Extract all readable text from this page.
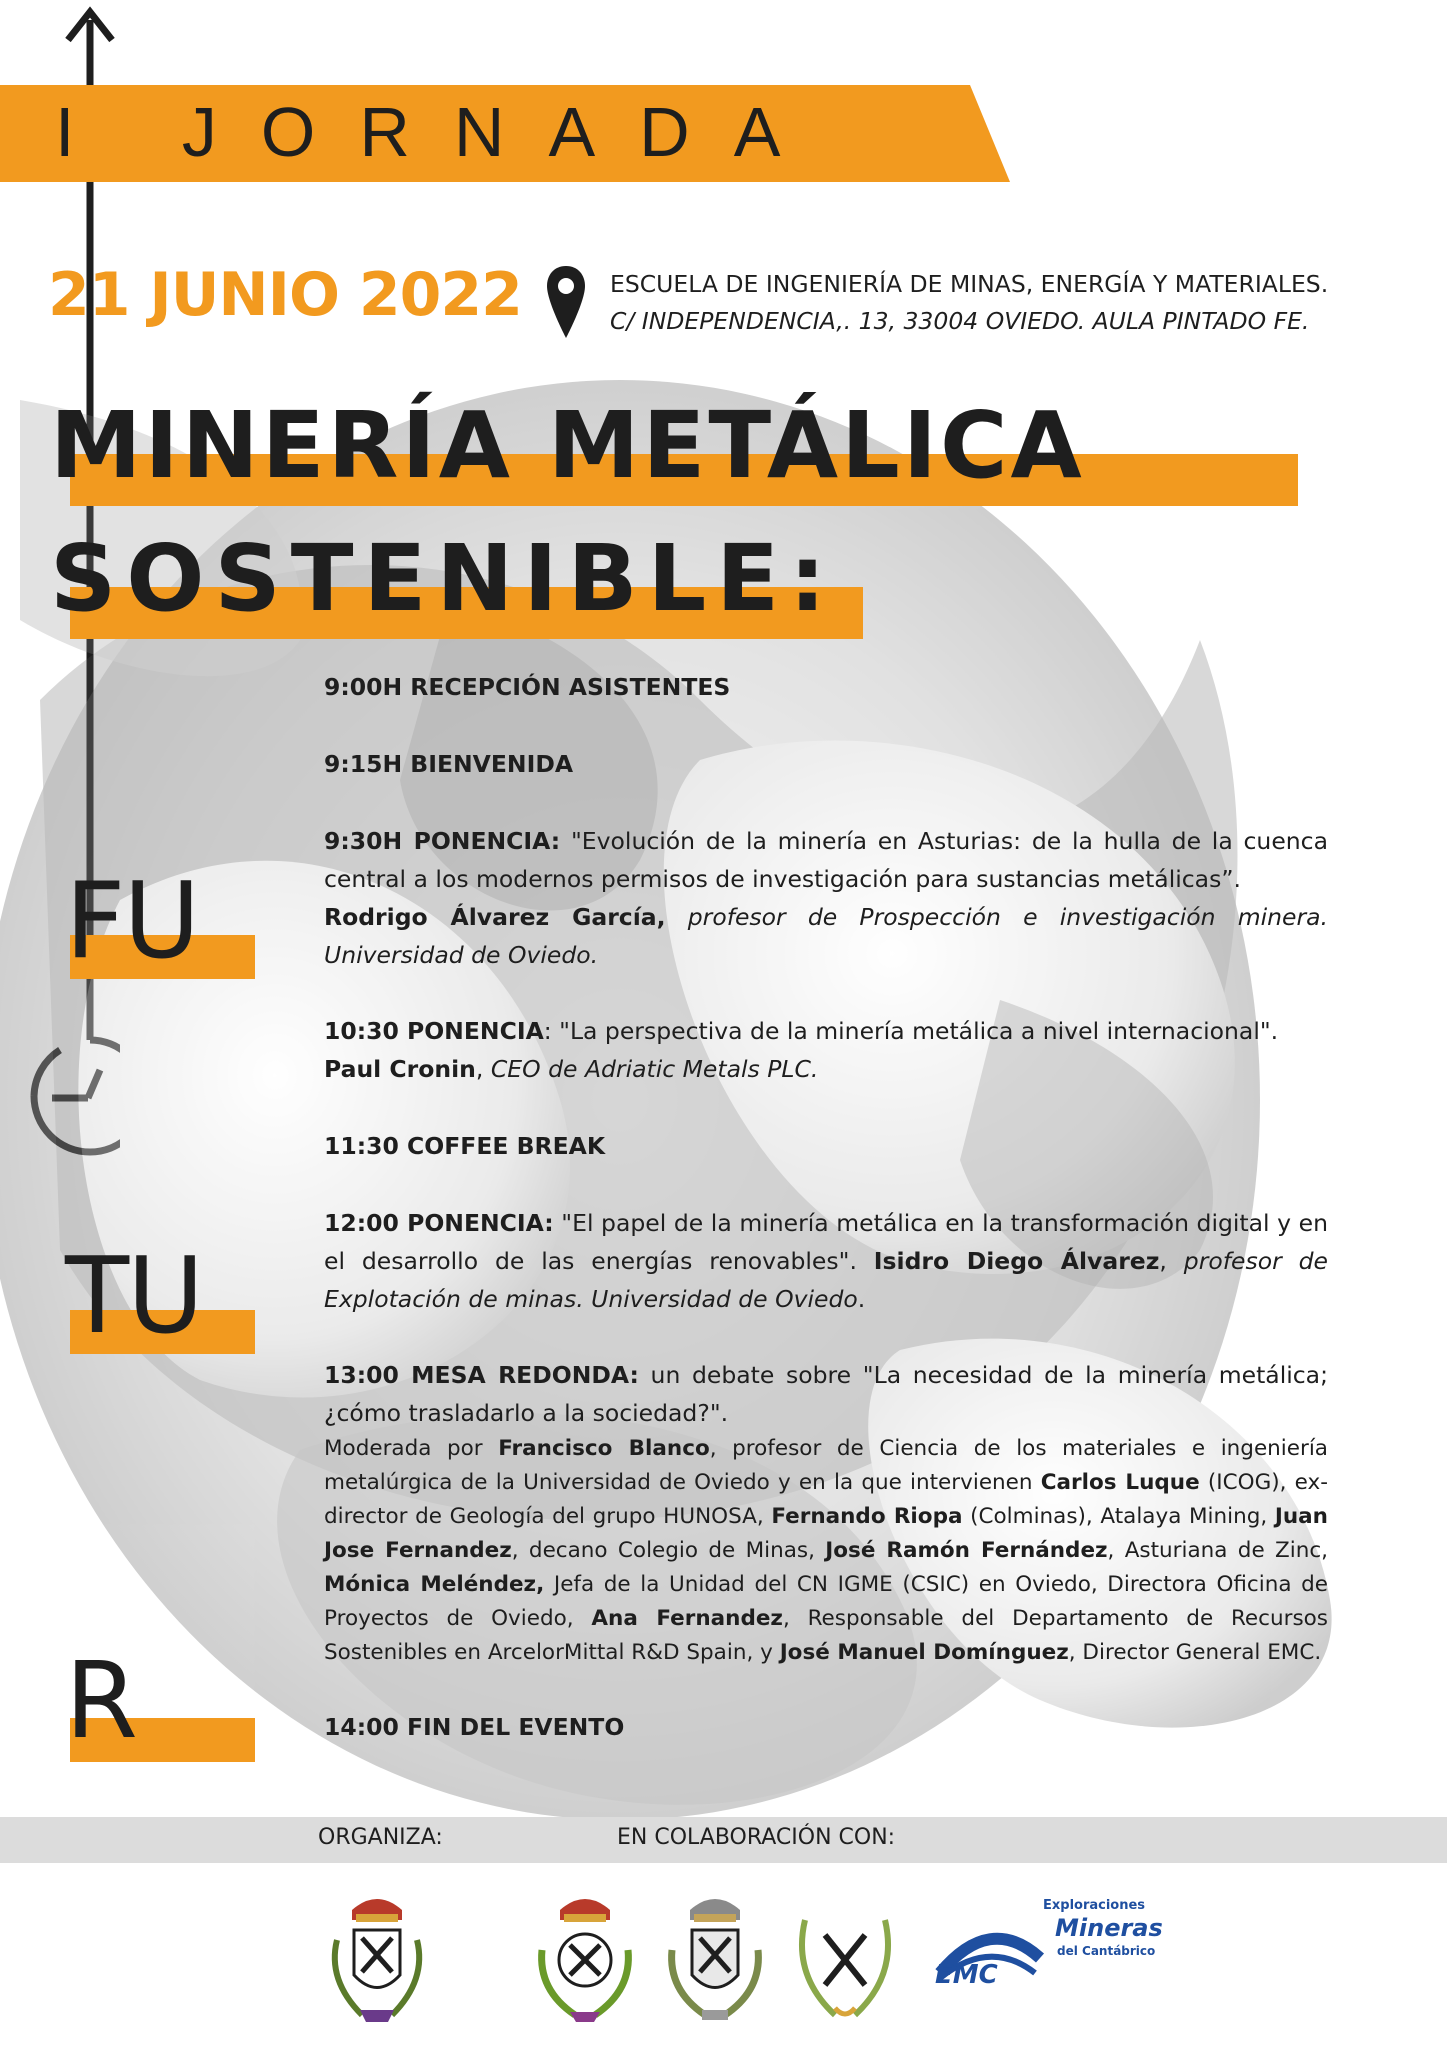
I JORNADA
21 JUNIO 2022	ESCUELA DE INGENIERÍA DE MINAS, ENERGÍA Y MATERIALES.
C/ INDEPENDENCIA,. 13, 33004 OVIEDO. AULA PINTADO FE.
MINERÍA METÁLICA
SOSTENIBLE:
FU
TU
R

9:00H RECEPCIÓN ASISTENTES

9:15H BIENVENIDA

9:30H PONENCIA: "Evolución de la minería en Asturias: de la hulla de la cuenca central a los modernos permisos de investigación para sustancias metálicas”.
Rodrigo Álvarez García, profesor de Prospección e investigación minera. Universidad de Oviedo.

10:30 PONENCIA: "La perspectiva de la minería metálica a nivel internacional".
Paul Cronin, CEO de Adriatic Metals PLC.

11:30 COFFEE BREAK

12:00 PONENCIA: "El papel de la minería metálica en la transformación digital y en el desarrollo de las energías renovables". Isidro Diego Álvarez, profesor de Explotación de minas. Universidad de Oviedo.

13:00 MESA REDONDA: un debate sobre "La necesidad de la minería metálica; ¿cómo trasladarlo a la sociedad?".

Moderada por Francisco Blanco, profesor de Ciencia de los materiales e ingeniería metalúrgica de la Universidad de Oviedo y en la que intervienen Carlos Luque (ICOG), ex-director de Geología del grupo HUNOSA, Fernando Riopa (Colminas), Atalaya Mining, Juan Jose Fernandez, decano Colegio de Minas, José Ramón Fernández, Asturiana de Zinc, Mónica Meléndez, Jefa de la Unidad del CN IGME (CSIC) en Oviedo, Directora Oficina de Proyectos de Oviedo, Ana Fernandez, Responsable del Departamento de Recursos Sostenibles en ArcelorMittal R&D Spain, y José Manuel Domínguez, Director General EMC.

14:00 FIN DEL EVENTO

ORGANIZA:	EN COLABORACIÓN CON:
Exploraciones
Mineras
del Cantábrico
EMC
